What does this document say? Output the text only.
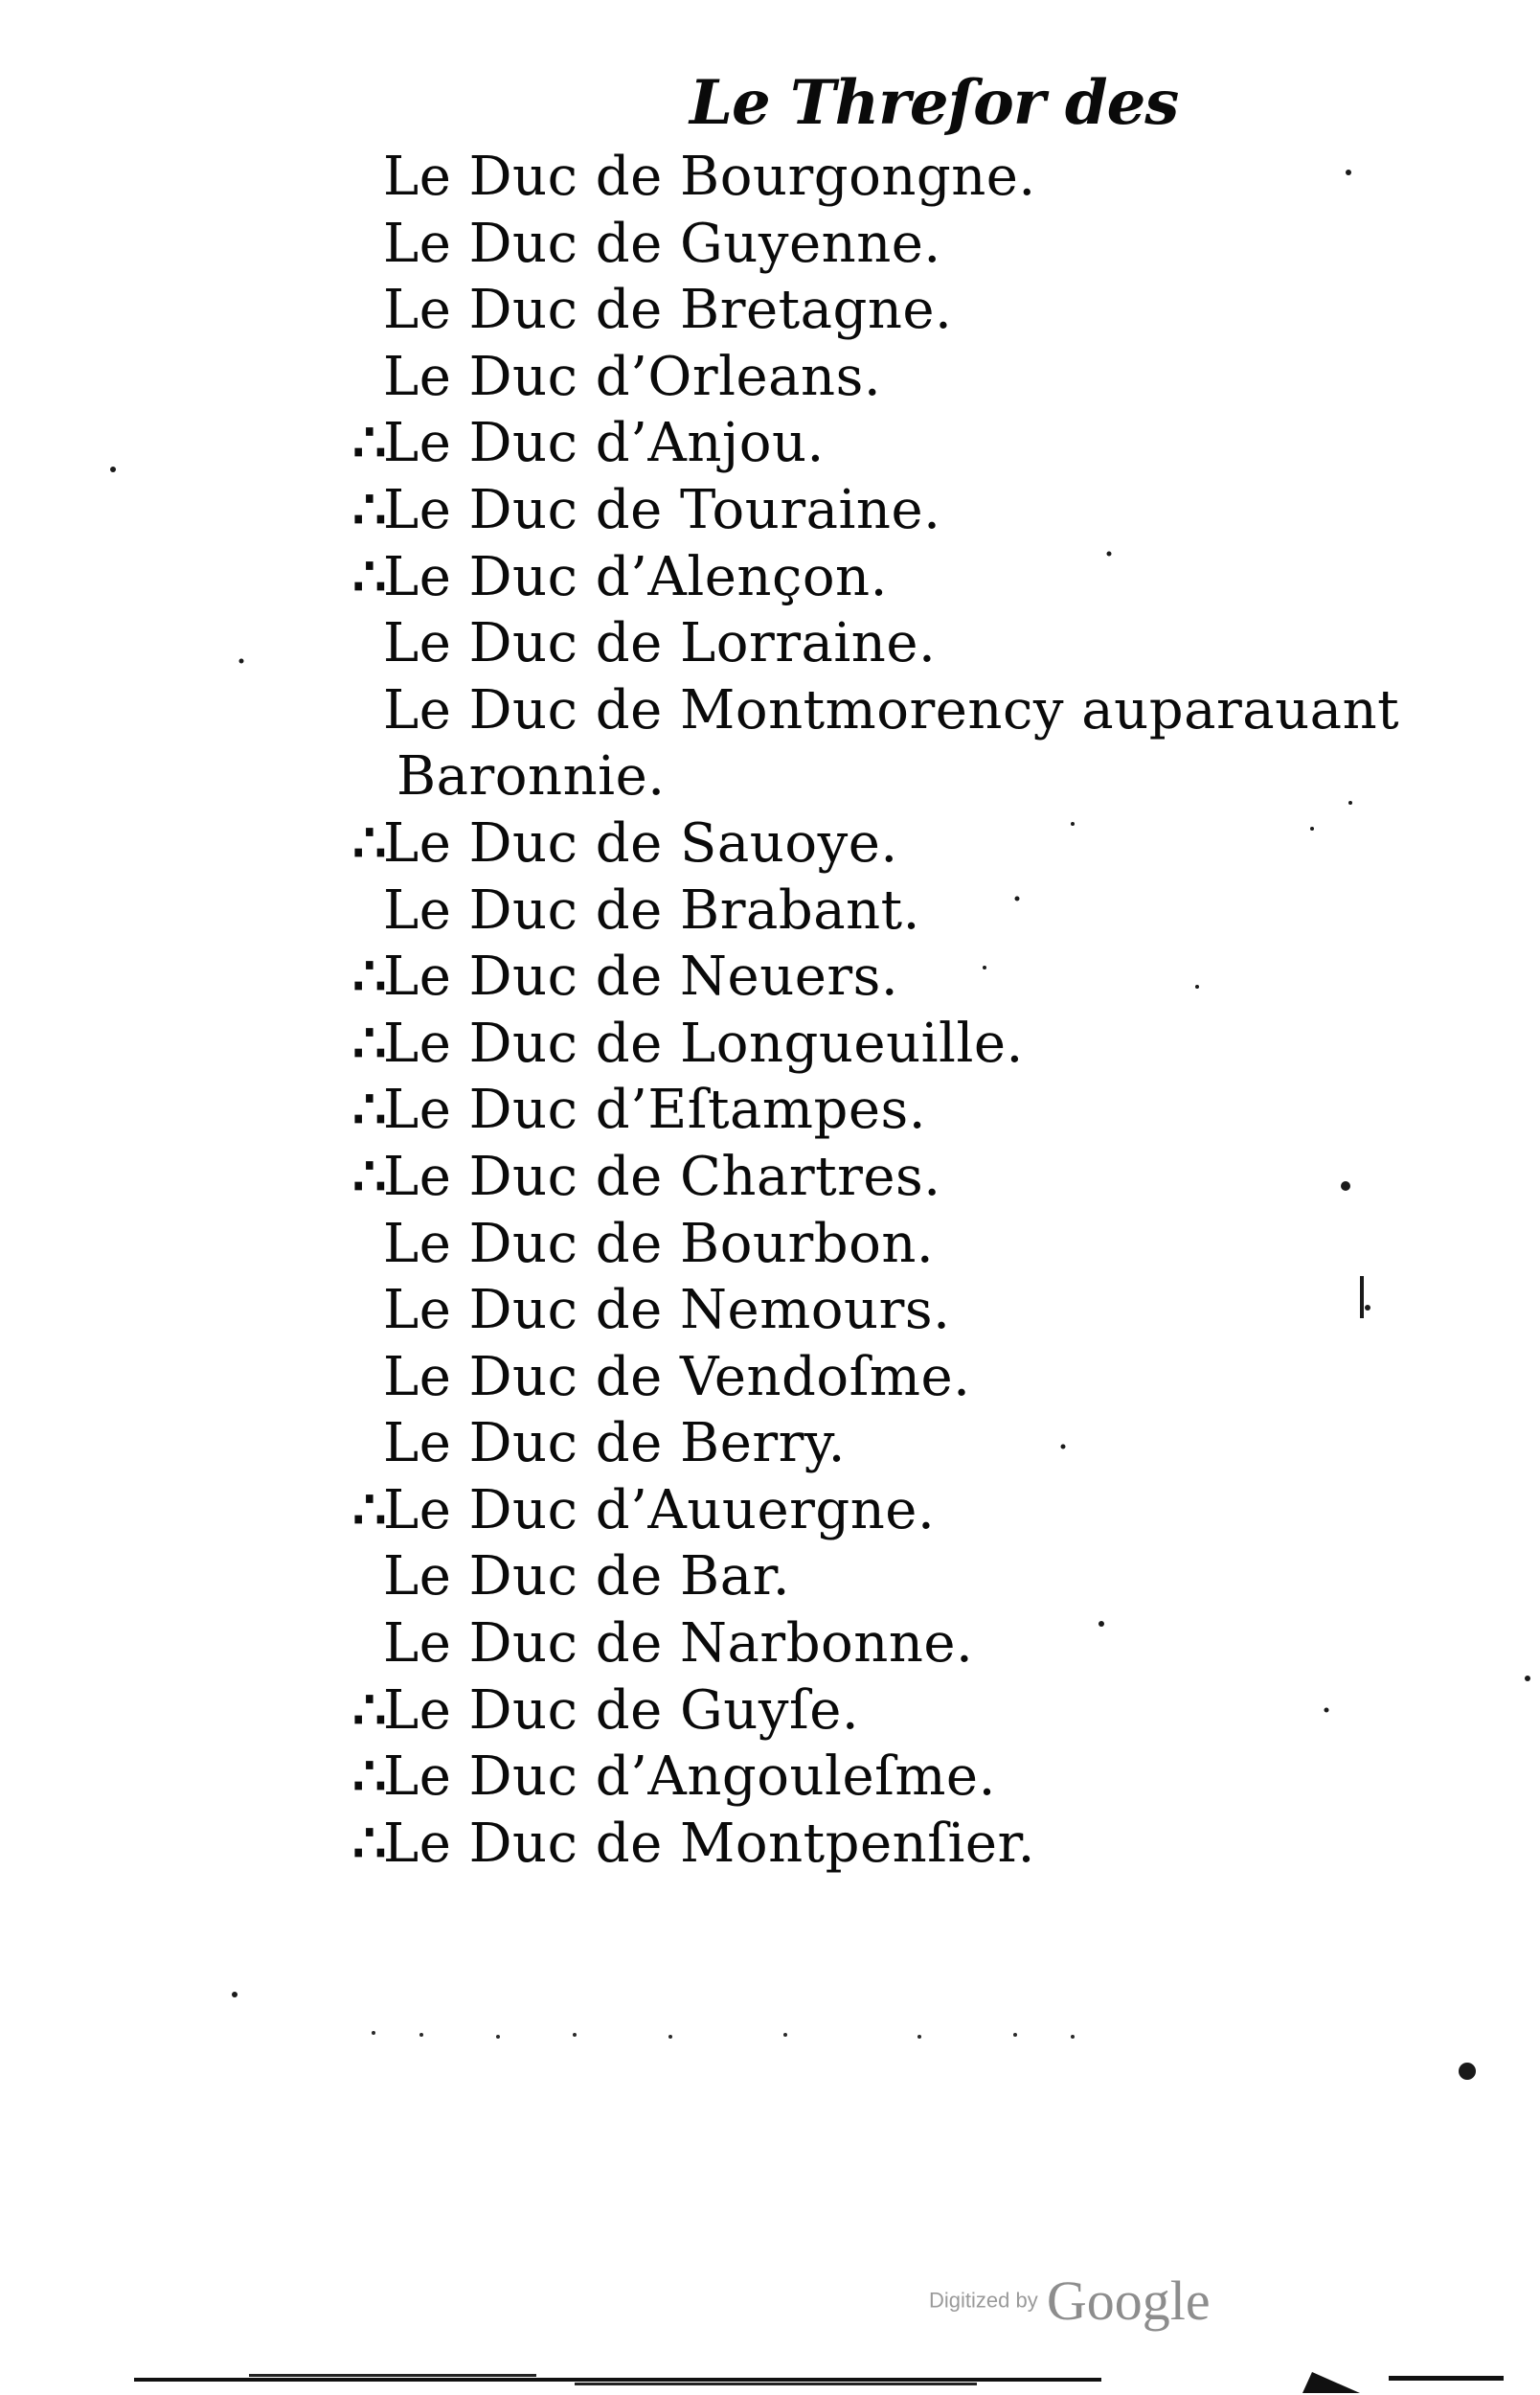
Le Threſor des
Le Duc de Bourgongne.
Le Duc de Guyenne.
Le Duc de Bretagne.
Le Duc d’Orleans.
∴Le Duc d’Anjou.
∴Le Duc de Touraine.
∴Le Duc d’Alençon.
Le Duc de Lorraine.
Le Duc de Montmorency auparauant
Baronnie.
∴Le Duc de Sauoye.
Le Duc de Brabant.
∴Le Duc de Neuers.
∴Le Duc de Longueuille.
∴Le Duc d’Eſtampes.
∴Le Duc de Chartres.
Le Duc de Bourbon.
Le Duc de Nemours.
Le Duc de Vendoſme.
Le Duc de Berry.
∴Le Duc d’Auuergne.
Le Duc de Bar.
Le Duc de Narbonne.
∴Le Duc de Guyſe.
∴Le Duc d’Angouleſme.
∴Le Duc de Montpenſier.
Digitized by Google
